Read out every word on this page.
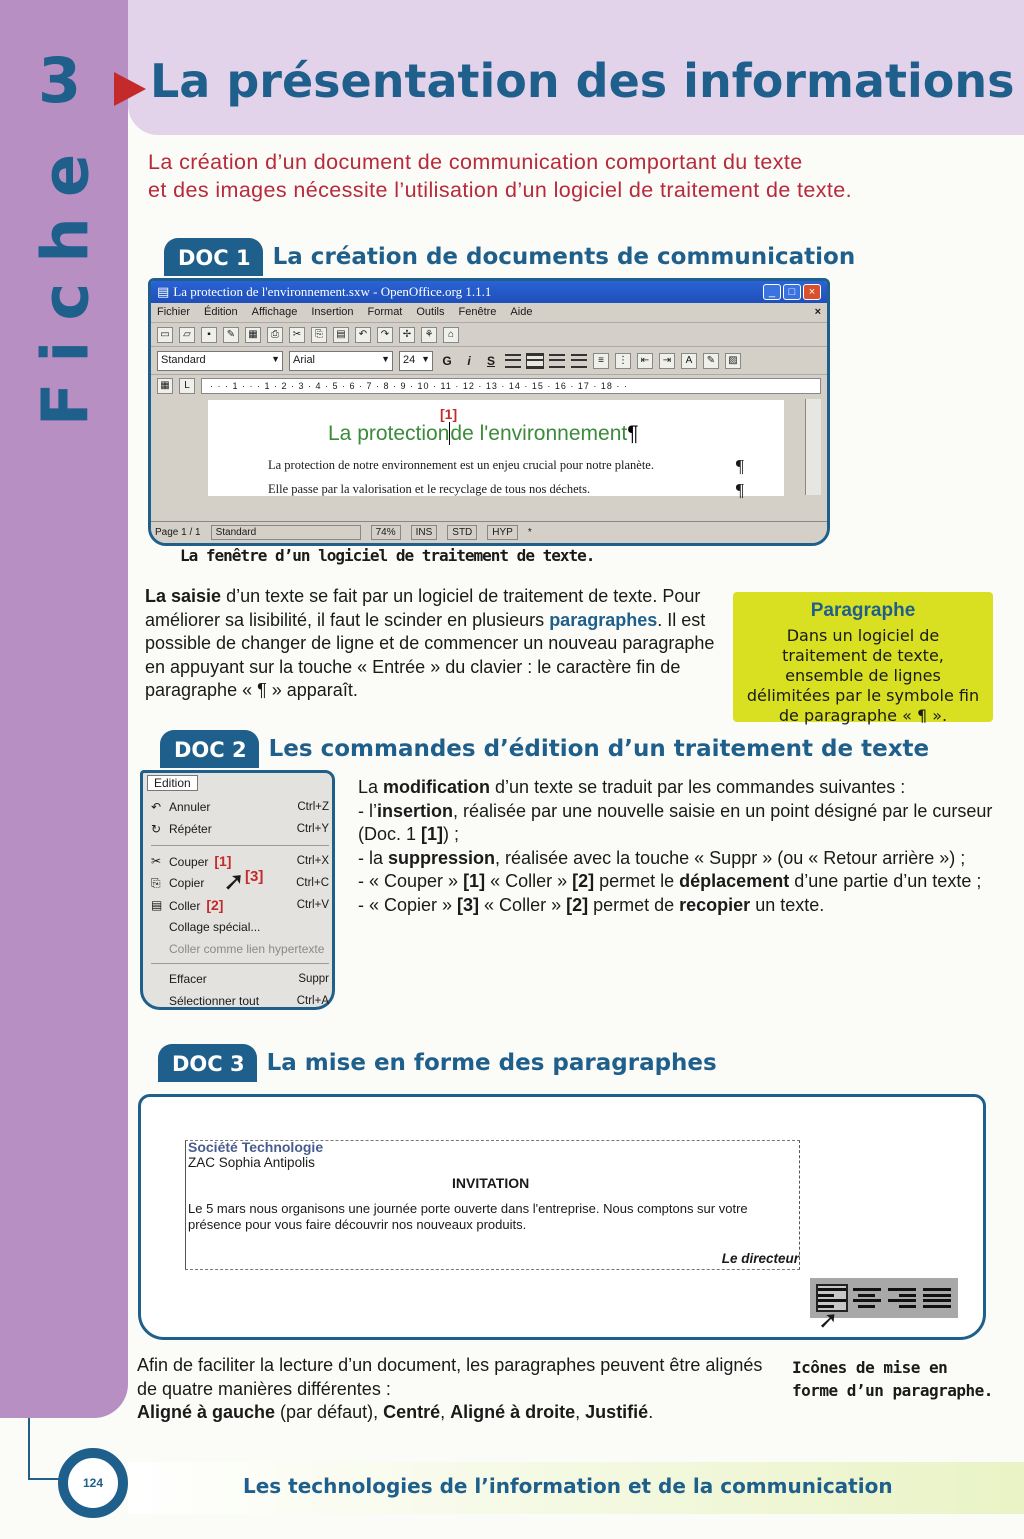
3
Fiche
La présentation des informations
La création d’un document de communication comportant du texte
et des images nécessite l’utilisation d’un logiciel de traitement de texte.
DOC 1 La création de documents de communication
▤ La protection de l'environnement.sxw - OpenOffice.org 1.1.1	_	□	×
Fichier Édition Affichage Insertion Format Outils Fenêtre Aide	×
▭	▱	▪	✎	▦	⎙	✂	⎘	▤	↶	↷	✢	⚘	⌂
Standard ▼	Arial ▼	24 ▼	G	i	S	≡	⋮	⇤	⇥	A	✎	▨
▦	L	· · · 1 · · · 1 · 2 · 3 · 4 · 5 · 6 · 7 · 8 · 9 · 10 · 11 · 12 · 13 · 14 · 15 · 16 · 17 · 18 · ·
Page 1 / 1	Standard	74%	INS	STD	HYP	*
[1]
La protectionde l'environnement¶
La protection de notre environnement est un enjeu crucial pour notre planète.	¶
Elle passe par la valorisation et le recyclage de tous nos déchets.	¶
La fenêtre d’un logiciel de traitement de texte.
La saisie d’un texte se fait par un logiciel de traitement de texte. Pour améliorer sa lisibilité, il faut le scinder en plusieurs paragraphes. Il est possible de changer de ligne et de commencer un nouveau paragraphe en appuyant sur la touche « Entrée » du clavier : le caractère fin de paragraphe « ¶ » apparaît.
Paragraphe
Dans un logiciel de traitement de texte, ensemble de lignes délimitées par le symbole fin de paragraphe « ¶ ».
DOC 2 Les commandes d’édition d’un traitement de texte
Edition
↶ Annuler	Ctrl+Z
↻ Répéter	Ctrl+Y
✂ Couper [1]	Ctrl+X
⎘ Copier	Ctrl+C
▤ Coller [2]	Ctrl+V
Collage spécial...
Coller comme lien hypertexte
Effacer	Suppr
Sélectionner tout	Ctrl+A
➚ [3]
La modification d’un texte se traduit par les commandes suivantes :
- l’insertion, réalisée par une nouvelle saisie en un point désigné par le curseur (Doc. 1 [1]) ;
- la suppression, réalisée avec la touche « Suppr » (ou « Retour arrière ») ;
- « Couper » [1] « Coller » [2] permet le déplacement d’une partie d’un texte ;
- « Copier » [3] « Coller » [2] permet de recopier un texte.
DOC 3 La mise en forme des paragraphes
Société Technologie
ZAC Sophia Antipolis
INVITATION
Le 5 mars nous organisons une journée porte ouverte dans l'entreprise. Nous comptons sur votre présence pour vous faire découvrir nos nouveaux produits.
Le directeur
➚
Icônes de mise en forme d’un paragraphe.
Afin de faciliter la lecture d’un document, les paragraphes peuvent être alignés de quatre manières différentes :
Aligné à gauche (par défaut), Centré, Aligné à droite, Justifié.
124	Les technologies de l’information et de la communication
